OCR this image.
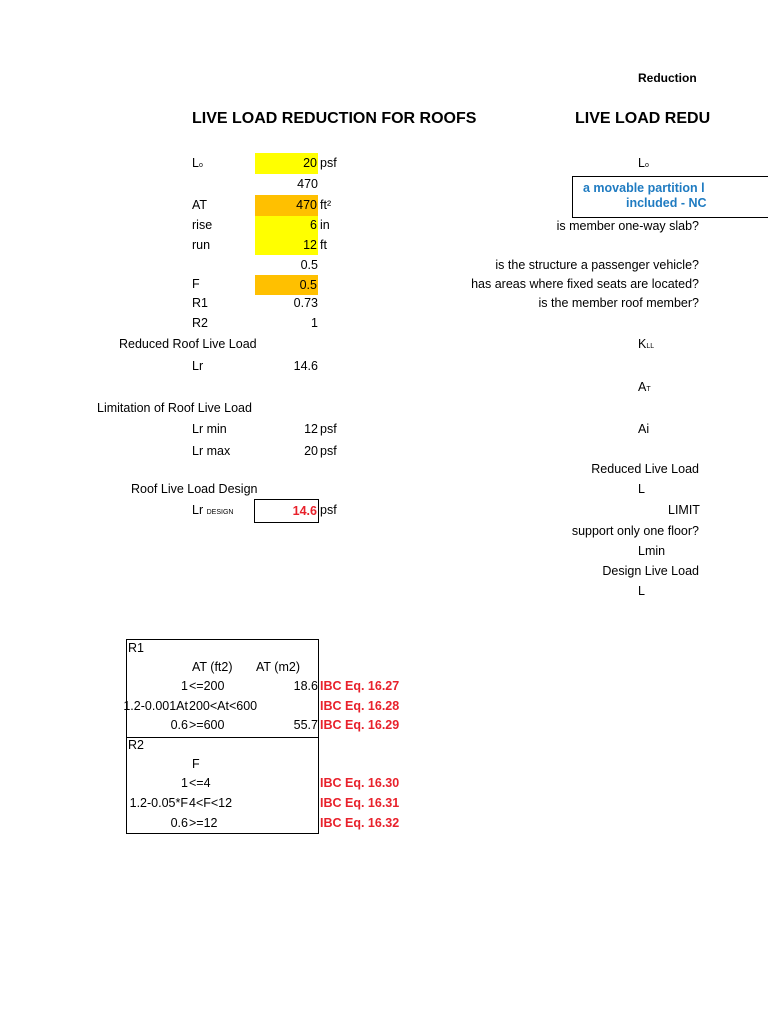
Reduction
LIVE LOAD REDUCTION FOR ROOFS
Lo	20 psf
470
AT	470 ft²
rise	6 in
run	12 ft
0.5
F	0.5
R1	0.73
R2	1
Reduced Roof Live Load
Lr	14.6
Limitation of Roof Live Load
Lr min	12 psf
Lr max	20 psf
Roof Live Load Design
Lr DESIGN	14.6 psf
LIVE LOAD REDU
Lo
a movable partition l
included - NC
is member one-way slab?
is the structure a passenger vehicle?
has areas where fixed seats are located?
is the member roof member?
KLL
AT
Ai
Reduced Live Load
L
LIMIT
support only one floor?
Lmin
Design Live Load
L
R1
AT (ft2) AT (m2)
1 <=200	18.6 IBC Eq. 16.27
1.2-0.001At 200<At<600	IBC Eq. 16.28
0.6 >=600	55.7 IBC Eq. 16.29
R2
F
1 <=4	IBC Eq. 16.30
1.2-0.05*F 4<F<12	IBC Eq. 16.31
0.6 >=12	IBC Eq. 16.32
